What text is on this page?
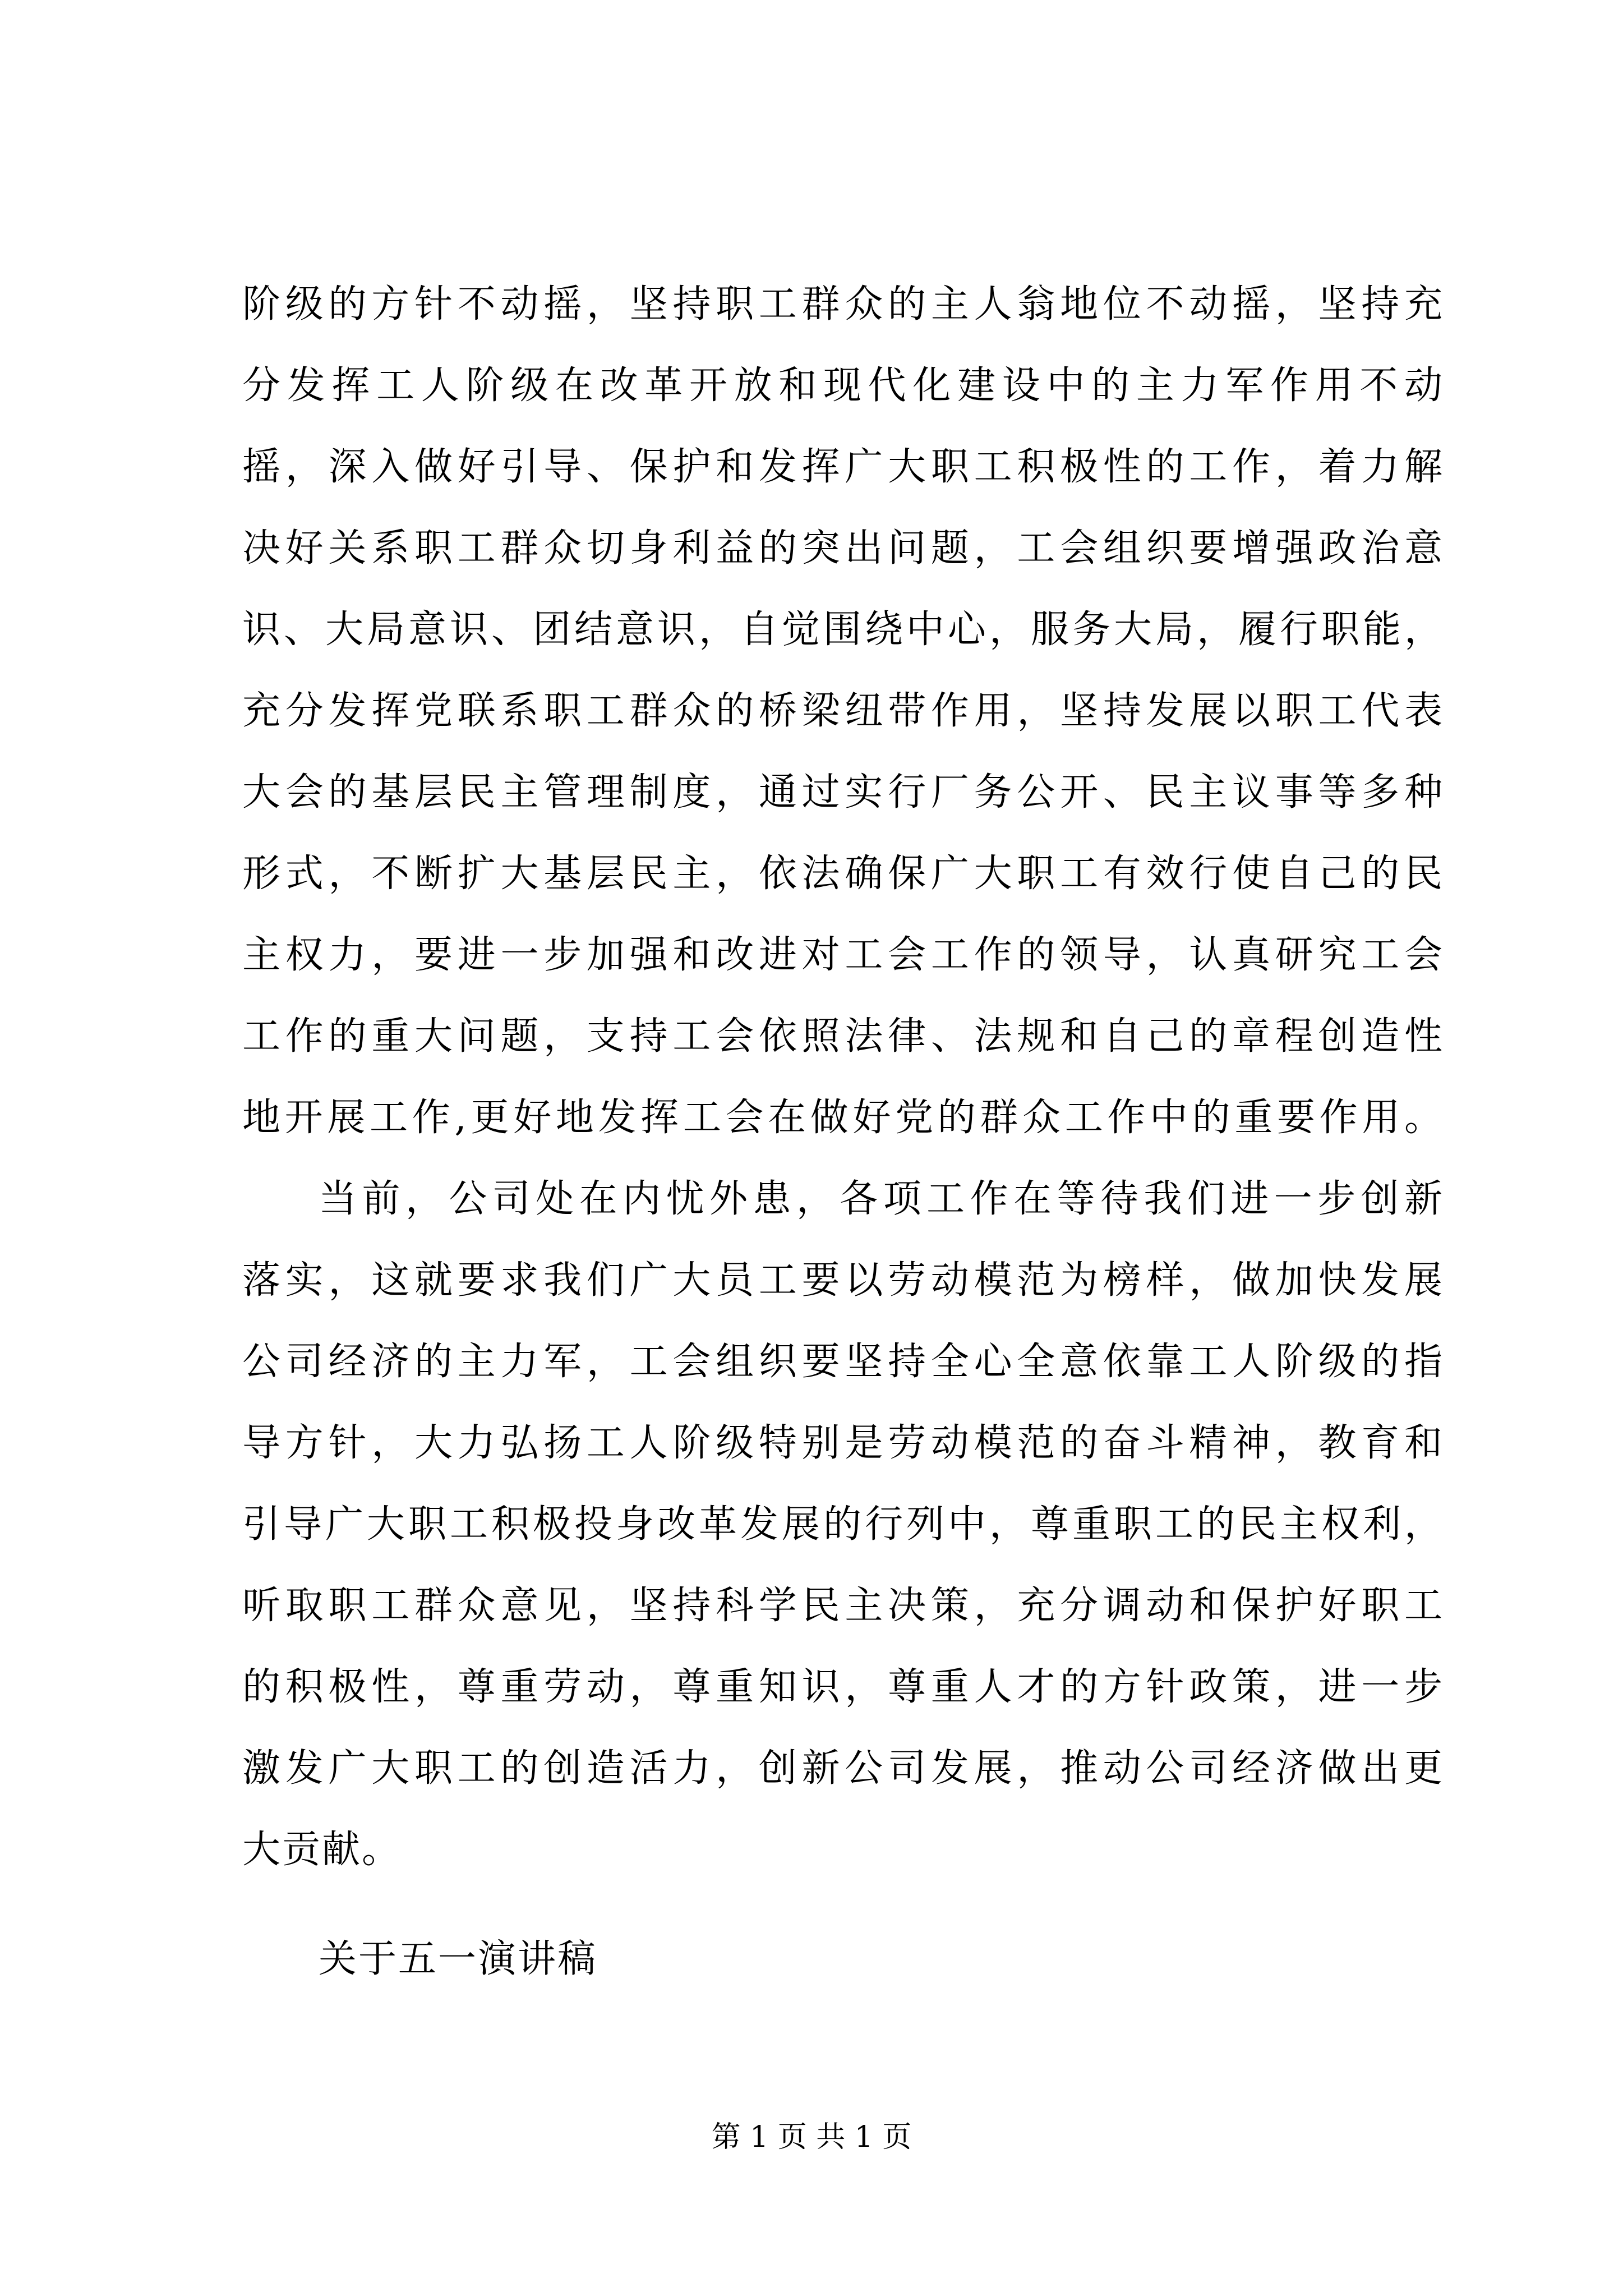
阶级的方针不动摇，坚持职工群众的主人翁地位不动摇，坚持充
分发挥工人阶级在改革开放和现代化建设中的主力军作用不动
摇，深入做好引导、保护和发挥广大职工积极性的工作，着力解
决好关系职工群众切身利益的突出问题，工会组织要增强政治意
识、大局意识、团结意识，自觉围绕中心，服务大局，履行职能，
充分发挥党联系职工群众的桥梁纽带作用，坚持发展以职工代表
大会的基层民主管理制度，通过实行厂务公开、民主议事等多种
形式，不断扩大基层民主，依法确保广大职工有效行使自己的民
主权力，要进一步加强和改进对工会工作的领导，认真研究工会
工作的重大问题，支持工会依照法律、法规和自己的章程创造性
地开展工作,更好地发挥工会在做好党的群众工作中的重要作用。
当前，公司处在内忧外患，各项工作在等待我们进一步创新
落实，这就要求我们广大员工要以劳动模范为榜样，做加快发展
公司经济的主力军，工会组织要坚持全心全意依靠工人阶级的指
导方针，大力弘扬工人阶级特别是劳动模范的奋斗精神，教育和
引导广大职工积极投身改革发展的行列中，尊重职工的民主权利，
听取职工群众意见，坚持科学民主决策，充分调动和保护好职工
的积极性，尊重劳动，尊重知识，尊重人才的方针政策，进一步
激发广大职工的创造活力，创新公司发展，推动公司经济做出更
大贡献。
关于五一演讲稿
第 1 页 共 1 页
